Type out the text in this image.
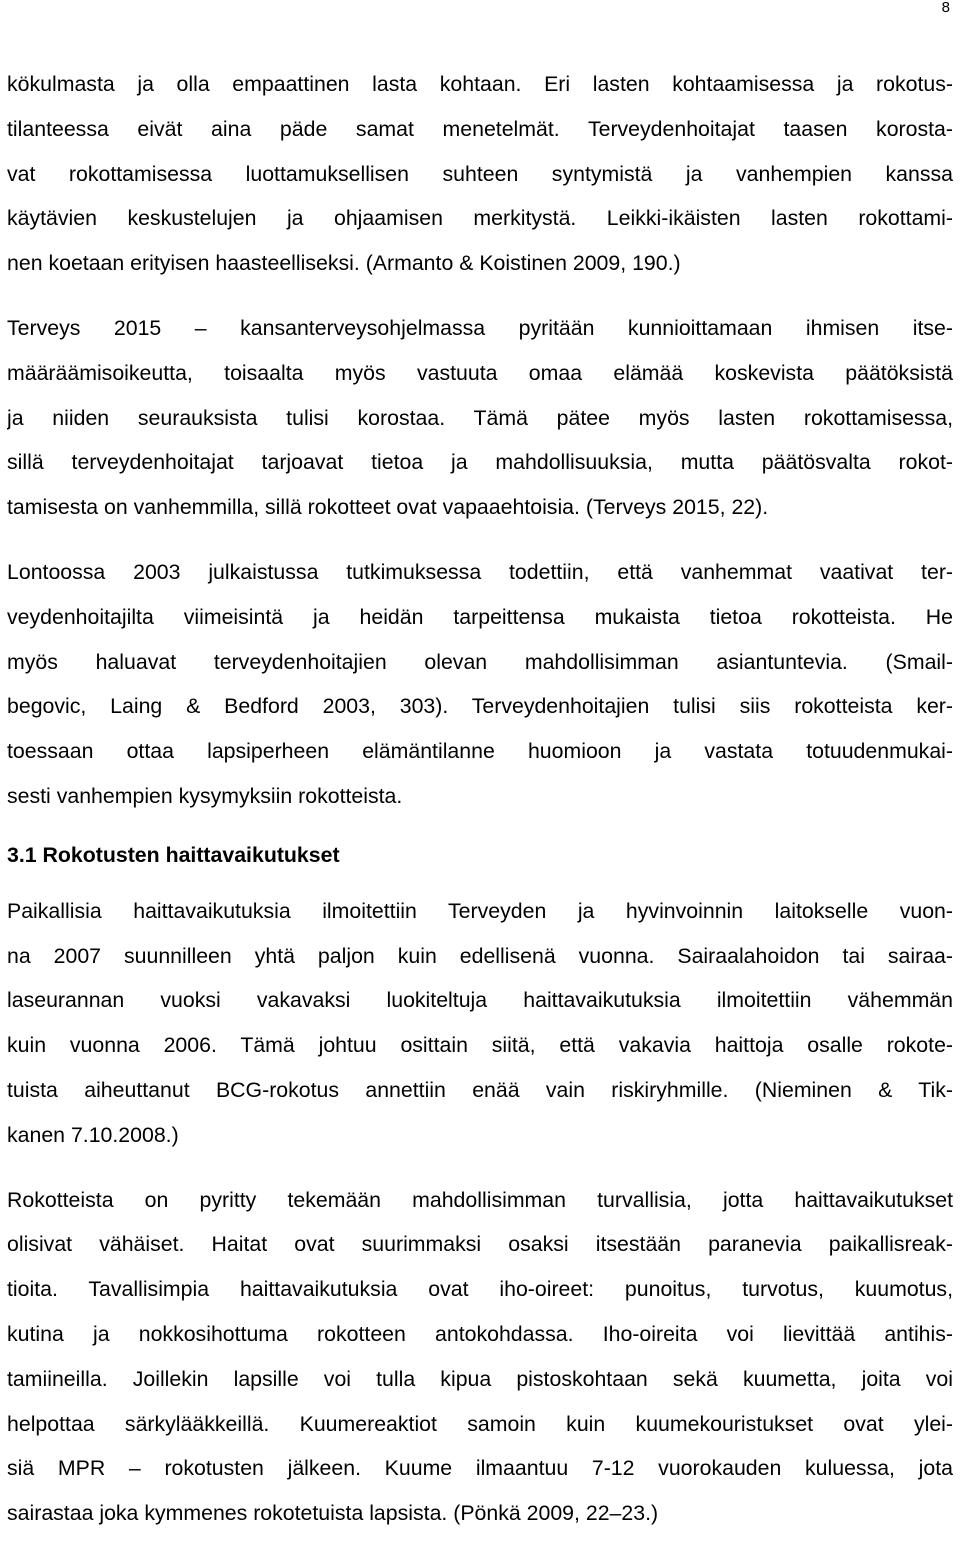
8
kökulmasta ja olla empaattinen lasta kohtaan. Eri lasten kohtaamisessa ja rokotus-
tilanteessa eivät aina päde samat menetelmät. Terveydenhoitajat taasen korosta-
vat rokottamisessa luottamuksellisen suhteen syntymistä ja vanhempien kanssa
käytävien keskustelujen ja ohjaamisen merkitystä. Leikki-ikäisten lasten rokottami-
nen koetaan erityisen haasteelliseksi. (Armanto & Koistinen 2009, 190.)
Terveys 2015 – kansanterveysohjelmassa pyritään kunnioittamaan ihmisen itse-
määräämisoikeutta, toisaalta myös vastuuta omaa elämää koskevista päätöksistä
ja niiden seurauksista tulisi korostaa. Tämä pätee myös lasten rokottamisessa,
sillä terveydenhoitajat tarjoavat tietoa ja mahdollisuuksia, mutta päätösvalta rokot-
tamisesta on vanhemmilla, sillä rokotteet ovat vapaaehtoisia. (Terveys 2015, 22).
Lontoossa 2003 julkaistussa tutkimuksessa todettiin, että vanhemmat vaativat ter-
veydenhoitajilta viimeisintä ja heidän tarpeittensa mukaista tietoa rokotteista. He
myös haluavat terveydenhoitajien olevan mahdollisimman asiantuntevia. (Smail-
begovic, Laing & Bedford 2003, 303). Terveydenhoitajien tulisi siis rokotteista ker-
toessaan ottaa lapsiperheen elämäntilanne huomioon ja vastata totuudenmukai-
sesti vanhempien kysymyksiin rokotteista.
3.1 Rokotusten haittavaikutukset
Paikallisia haittavaikutuksia ilmoitettiin Terveyden ja hyvinvoinnin laitokselle vuon-
na 2007 suunnilleen yhtä paljon kuin edellisenä vuonna. Sairaalahoidon tai sairaa-
laseurannan vuoksi vakavaksi luokiteltuja haittavaikutuksia ilmoitettiin vähemmän
kuin vuonna 2006. Tämä johtuu osittain siitä, että vakavia haittoja osalle rokote-
tuista aiheuttanut BCG-rokotus annettiin enää vain riskiryhmille. (Nieminen & Tik-
kanen 7.10.2008.)
Rokotteista on pyritty tekemään mahdollisimman turvallisia, jotta haittavaikutukset
olisivat vähäiset. Haitat ovat suurimmaksi osaksi itsestään paranevia paikallisreak-
tioita. Tavallisimpia haittavaikutuksia ovat iho-oireet: punoitus, turvotus, kuumotus,
kutina ja nokkosihottuma rokotteen antokohdassa. Iho-oireita voi lievittää antihis-
tamiineilla. Joillekin lapsille voi tulla kipua pistoskohtaan sekä kuumetta, joita voi
helpottaa särkylääkkeillä. Kuumereaktiot samoin kuin kuumekouristukset ovat ylei-
siä MPR – rokotusten jälkeen. Kuume ilmaantuu 7-12 vuorokauden kuluessa, jota
sairastaa joka kymmenes rokotetuista lapsista. (Pönkä 2009, 22–23.)
